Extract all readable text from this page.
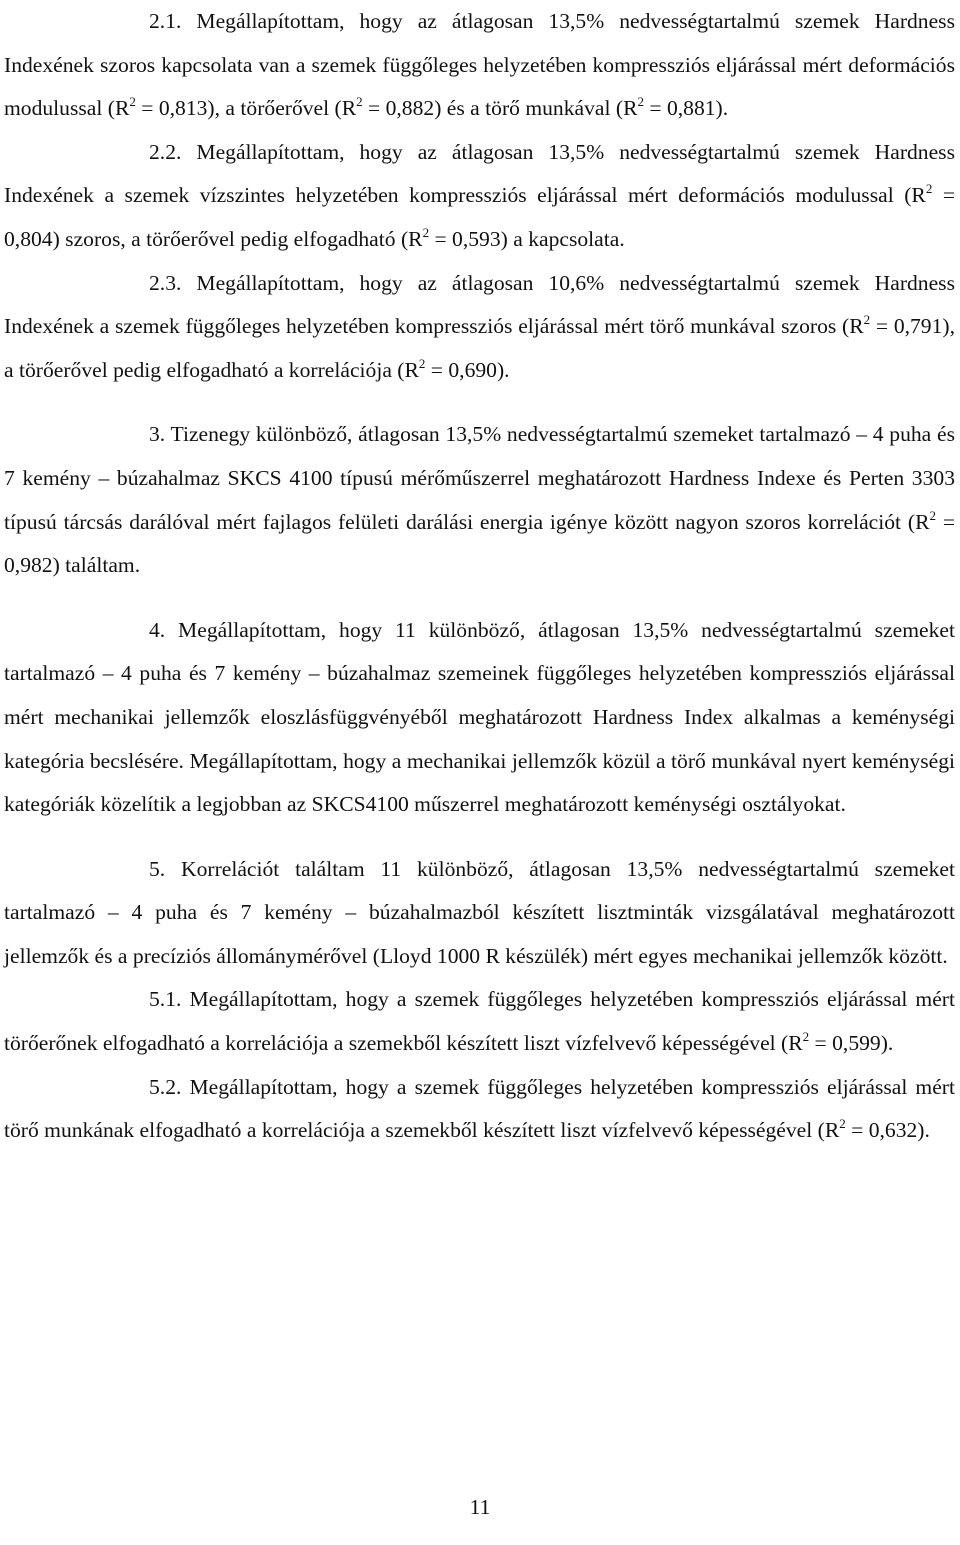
2.1. Megállapítottam, hogy az átlagosan 13,5% nedvességtartalmú szemek Hardness Indexének szoros kapcsolata van a szemek függőleges helyzetében kompressziós eljárással mért deformációs modulussal $(R^2 = 0,813)$, a törőerővel $(R^2 = 0,882)$ és a törő munkával $(R^2 = 0,881)$.

2.2. Megállapítottam, hogy az átlagosan 13,5% nedvességtartalmú szemek Hardness Indexének a szemek vízszintes helyzetében kompressziós eljárással mért deformációs modulussal $(R^2 = 0,804)$ szoros, a törőerővel pedig elfogadható $(R^2 = 0,593)$ a kapcsolata.

2.3. Megállapítottam, hogy az átlagosan 10,6% nedvességtartalmú szemek Hardness Indexének a szemek függőleges helyzetében kompressziós eljárással mért törő munkával szoros $(R^2 = 0,791)$, a törőerővel pedig elfogadható a korrelációja $(R^2 = 0,690)$.

3. Tizenegy különböző, átlagosan 13,5% nedvességtartalmú szemeket tartalmazó – 4 puha és 7 kemény – búzahalmaz SKCS 4100 típusú mérőműszerrel meghatározott Hardness Indexe és Perten 3303 típusú tárcsás darálóval mért fajlagos felületi darálási energia igénye között nagyon szoros korrelációt $(R^2 = 0,982)$ találtam.

4. Megállapítottam, hogy 11 különböző, átlagosan 13,5% nedvességtartalmú szemeket tartalmazó – 4 puha és 7 kemény – búzahalmaz szemeinek függőleges helyzetében kompressziós eljárással mért mechanikai jellemzők eloszlásfüggvényéből meghatározott Hardness Index alkalmas a keménységi kategória becslésére. Megállapítottam, hogy a mechanikai jellemzők közül a törő munkával nyert keménységi kategóriák közelítik a legjobban az SKCS4100 műszerrel meghatározott keménységi osztályokat.

5. Korrelációt találtam 11 különböző, átlagosan 13,5% nedvességtartalmú szemeket tartalmazó – 4 puha és 7 kemény – búzahalmazból készített lisztminták vizsgálatával meghatározott jellemzők és a precíziós állománymérővel (Lloyd 1000 R készülék) mért egyes mechanikai jellemzők között.

5.1. Megállapítottam, hogy a szemek függőleges helyzetében kompressziós eljárással mért törőerőnek elfogadható a korrelációja a szemekből készített liszt vízfelvevő képességével $(R^2 = 0,599)$.

5.2. Megállapítottam, hogy a szemek függőleges helyzetében kompressziós eljárással mért törő munkának elfogadható a korrelációja a szemekből készített liszt vízfelvevő képességével $(R^2 = 0,632)$.

11
